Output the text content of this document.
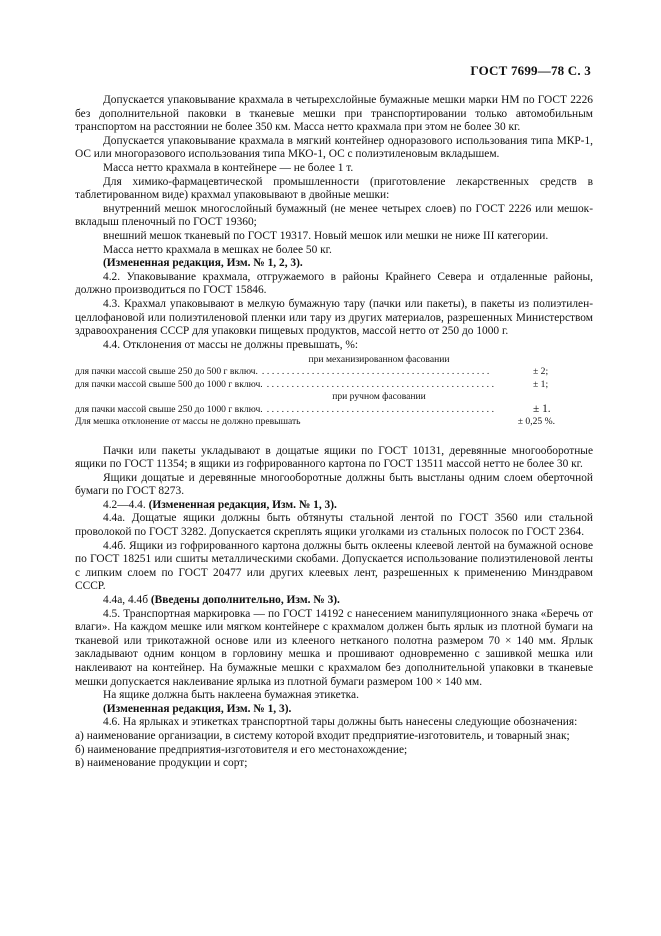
ГОСТ 7699—78 С. 3

Допускается упаковывание крахмала в четырехслойные бумажные мешки марки НМ по ГОСТ 2226 без дополнительной паковки в тканевые мешки при транспортировании только автомобильным транспортом на расстоянии не более 350 км. Масса нетто крахмала при этом не более 30 кг.

Допускается упаковывание крахмала в мягкий контейнер одноразового использования типа МКР-1, ОС или многоразового использования типа МКО-1, ОС с полиэтиленовым вкладышем.

Масса нетто крахмала в контейнере — не более 1 т.

Для химико-фармацевтической промышленности (приготовление лекарственных средств в таблетированном виде) крахмал упаковывают в двойные мешки:

внутренний мешок многослойный бумажный (не менее четырех слоев) по ГОСТ 2226 или мешок-вкладыш пленочный по ГОСТ 19360;

внешний мешок тканевый по ГОСТ 19317. Новый мешок или мешки не ниже III категории.

Масса нетто крахмала в мешках не более 50 кг.

(Измененная редакция, Изм. № 1, 2, 3).

4.2. Упаковывание крахмала, отгружаемого в районы Крайнего Севера и отдаленные районы, должно производиться по ГОСТ 15846.

4.3. Крахмал упаковывают в мелкую бумажную тару (пачки или пакеты), в пакеты из полиэтилен-целлофановой или полиэтиленовой пленки или тару из других материалов, разрешенных Министерством здравоохранения СССР для упаковки пищевых продуктов, массой нетто от 250 до 1000 г.

4.4. Отклонения от массы не должны превышать, %:

при механизированном фасовании
для пачки массой свыше 250 до 500 г включ. ..............................................	± 2;
для пачки массой свыше 500 до 1000 г включ. ..............................................	± 1;
при ручном фасовании
для пачки массой свыше 250 до 1000 г включ. ..............................................	± 1.
Для мешка отклонение от массы не должно превышать	± 0,25 %.

Пачки или пакеты укладывают в дощатые ящики по ГОСТ 10131, деревянные многооборотные ящики по ГОСТ 11354; в ящики из гофрированного картона по ГОСТ 13511 массой нетто не более 30 кг.

Ящики дощатые и деревянные многооборотные должны быть выстланы одним слоем оберточной бумаги по ГОСТ 8273.

4.2—4.4. (Измененная редакция, Изм. № 1, 3).

4.4а. Дощатые ящики должны быть обтянуты стальной лентой по ГОСТ 3560 или стальной проволокой по ГОСТ 3282. Допускается скреплять ящики уголками из стальных полосок по ГОСТ 2364.

4.4б. Ящики из гофрированного картона должны быть оклеены клеевой лентой на бумажной основе по ГОСТ 18251 или сшиты металлическими скобами. Допускается использование полиэтиленовой ленты с липким слоем по ГОСТ 20477 или других клеевых лент, разрешенных к применению Минздравом СССР.

4.4а, 4.4б (Введены дополнительно, Изм. № 3).

4.5. Транспортная маркировка — по ГОСТ 14192 с нанесением манипуляционного знака «Беречь от влаги». На каждом мешке или мягком контейнере с крахмалом должен быть ярлык из плотной бумаги на тканевой или трикотажной основе или из клееного нетканого полотна размером 70 × 140 мм. Ярлык закладывают одним концом в горловину мешка и прошивают одновременно с зашивкой мешка или наклеивают на контейнер. На бумажные мешки с крахмалом без дополнительной упаковки в тканевые мешки допускается наклеивание ярлыка из плотной бумаги размером 100 × 140 мм.

На ящике должна быть наклеена бумажная этикетка.

(Измененная редакция, Изм. № 1, 3).

4.6. На ярлыках и этикетках транспортной тары должны быть нанесены следующие обозначения:

а) наименование организации, в систему которой входит предприятие-изготовитель, и товарный знак;

б) наименование предприятия-изготовителя и его местонахождение;

в) наименование продукции и сорт;
